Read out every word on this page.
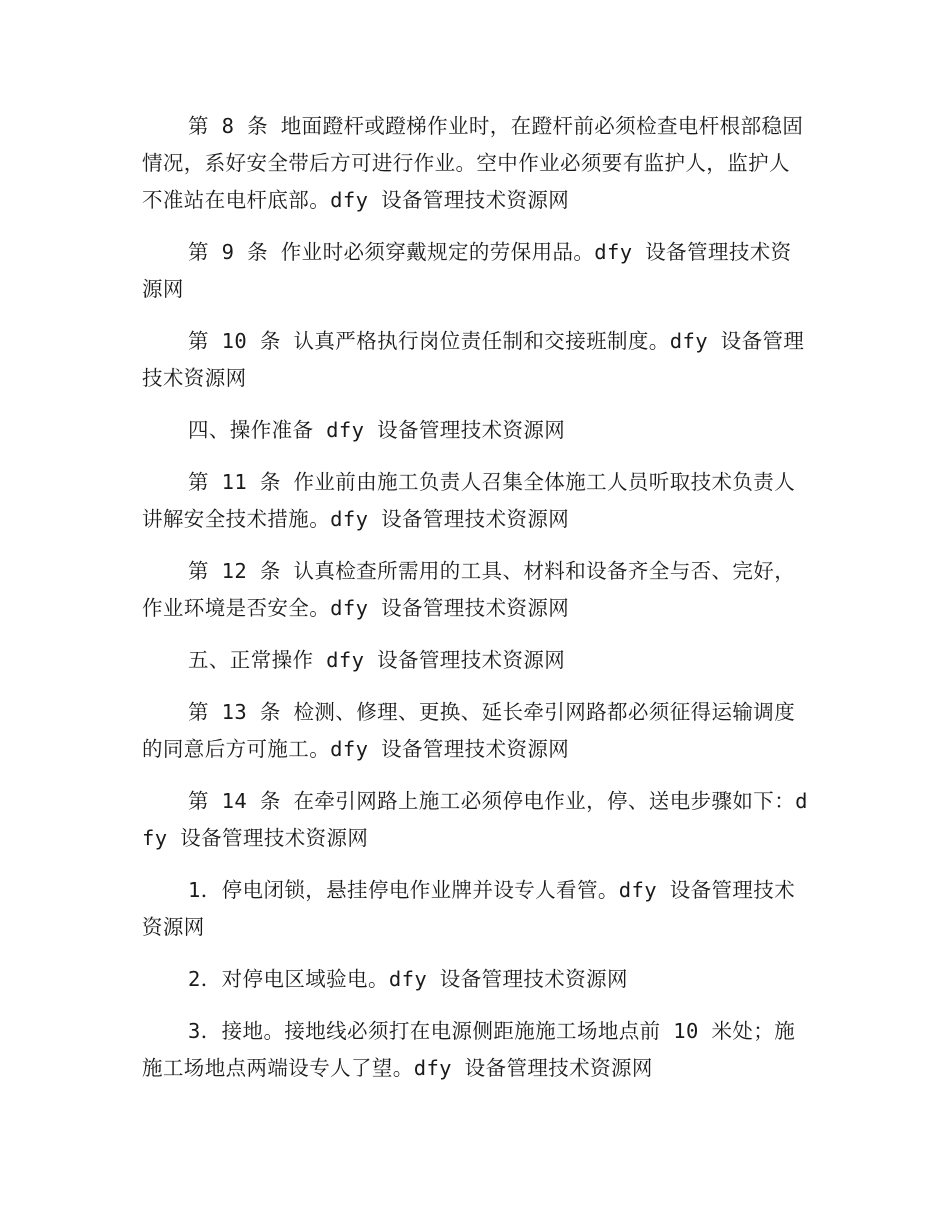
第 8 条 地面蹬杆或蹬梯作业时，在蹬杆前必须检查电杆根部稳固情况，系好安全带后方可进行作业。空中作业必须要有监护人，监护人不准站在电杆底部。dfy 设备管理技术资源网

第 9 条 作业时必须穿戴规定的劳保用品。dfy 设备管理技术资源网

第 10 条 认真严格执行岗位责任制和交接班制度。dfy 设备管理技术资源网

四、操作准备 dfy 设备管理技术资源网

第 11 条 作业前由施工负责人召集全体施工人员听取技术负责人讲解安全技术措施。dfy 设备管理技术资源网

第 12 条 认真检查所需用的工具、材料和设备齐全与否、完好，作业环境是否安全。dfy 设备管理技术资源网

五、正常操作 dfy 设备管理技术资源网

第 13 条 检测、修理、更换、延长牵引网路都必须征得运输调度的同意后方可施工。dfy 设备管理技术资源网

第 14 条 在牵引网路上施工必须停电作业，停、送电步骤如下：dfy 设备管理技术资源网

1．停电闭锁，悬挂停电作业牌并设专人看管。dfy 设备管理技术资源网

2．对停电区域验电。dfy 设备管理技术资源网

3．接地。接地线必须打在电源侧距施施工场地点前 10 米处；施施工场地点两端设专人了望。dfy 设备管理技术资源网
